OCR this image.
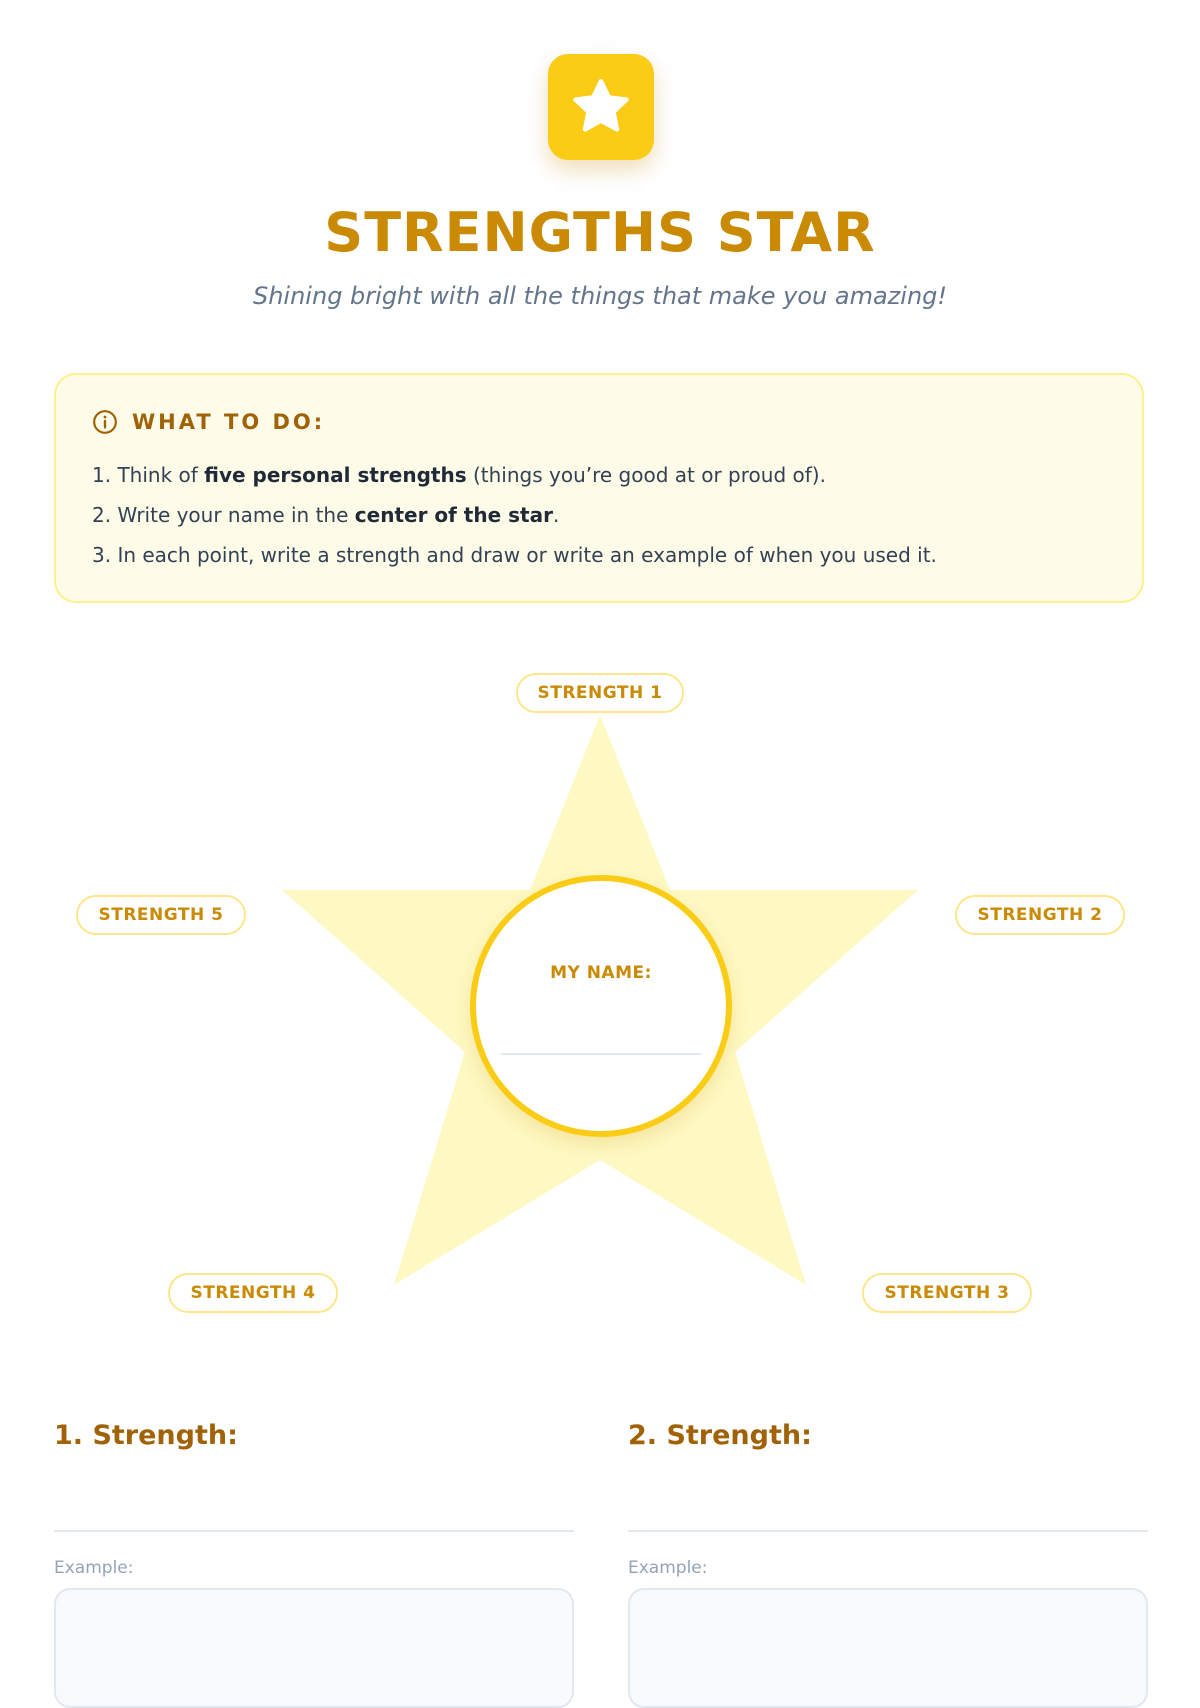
STRENGTHS STAR

Shining bright with all the things that make you amazing!

WHAT TO DO:
1. Think of five personal strengths (things you’re good at or proud of).
2. Write your name in the center of the star.
3. In each point, write a strength and draw or write an example of when you used it.
STRENGTH 1
STRENGTH 2
STRENGTH 3
STRENGTH 4
STRENGTH 5
MY NAME:
1. Strength:
Example:
2. Strength:
Example:
